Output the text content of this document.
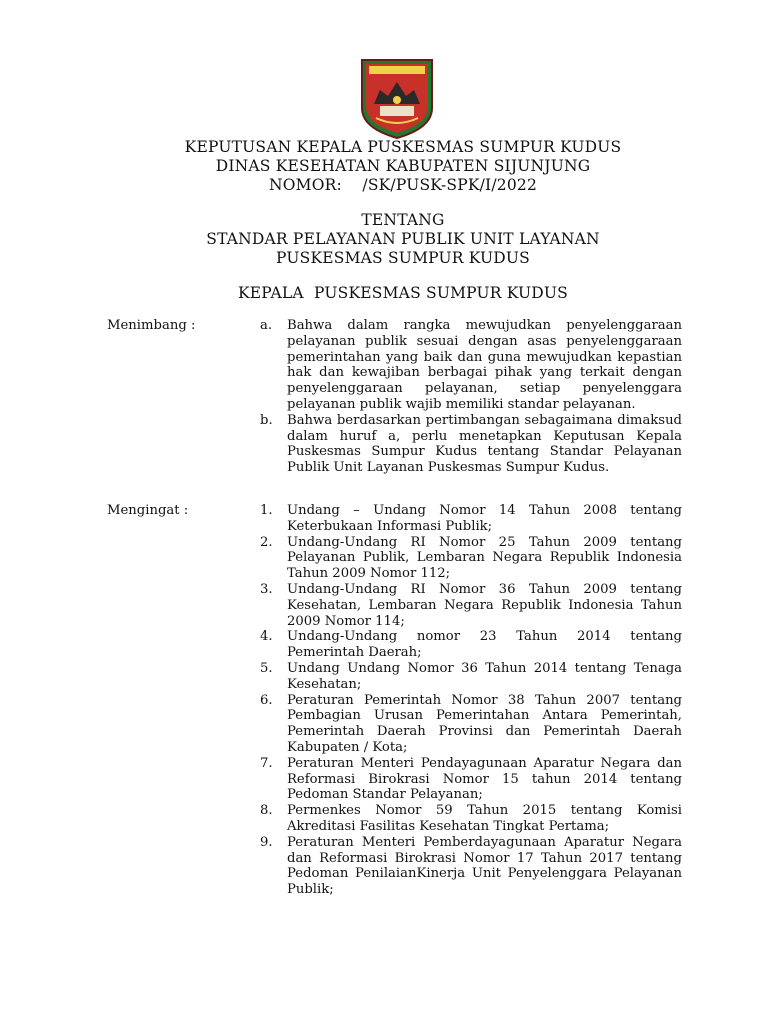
KEPUTUSAN KEPALA PUSKESMAS SUMPUR KUDUS
DINAS KESEHATAN KABUPATEN SIJUNJUNG
NOMOR:    /SK/PUSK-SPK/I/2022
TENTANG
STANDAR PELAYANAN PUBLIK UNIT LAYANAN
PUSKESMAS SUMPUR KUDUS
KEPALA  PUSKESMAS SUMPUR KUDUS
Menimbang :	a. Bahwa dalam rangka mewujudkan penyelenggaraan pelayanan publik sesuai dengan asas penyelenggaraan pemerintahan yang baik dan guna mewujudkan kepastian hak dan kewajiban berbagai pihak yang terkait dengan penyelenggaraan pelayanan, setiap penyelenggara pelayanan publik wajib memiliki standar pelayanan.
b. Bahwa berdasarkan pertimbangan sebagaimana dimaksud dalam huruf a, perlu menetapkan Keputusan Kepala Puskesmas Sumpur Kudus tentang Standar Pelayanan Publik Unit Layanan Puskesmas Sumpur Kudus.
Mengingat :	1. Undang – Undang Nomor 14 Tahun 2008 tentang Keterbukaan Informasi Publik;
2. Undang-Undang RI Nomor 25 Tahun 2009 tentang Pelayanan Publik, Lembaran Negara Republik Indonesia Tahun 2009 Nomor 112;
3. Undang-Undang RI Nomor 36 Tahun 2009 tentang Kesehatan, Lembaran Negara Republik Indonesia Tahun 2009 Nomor 114;
4. Undang-Undang nomor 23 Tahun 2014 tentang Pemerintah Daerah;
5. Undang Undang Nomor 36 Tahun 2014 tentang Tenaga Kesehatan;
6. Peraturan Pemerintah Nomor 38 Tahun 2007 tentang Pembagian Urusan Pemerintahan Antara Pemerintah, Pemerintah Daerah Provinsi dan Pemerintah Daerah Kabupaten / Kota;
7. Peraturan Menteri Pendayagunaan Aparatur Negara dan Reformasi Birokrasi Nomor 15 tahun 2014 tentang Pedoman Standar Pelayanan;
8. Permenkes Nomor 59 Tahun 2015 tentang Komisi Akreditasi Fasilitas Kesehatan Tingkat Pertama;
9. Peraturan Menteri Pemberdayagunaan Aparatur Negara dan Reformasi Birokrasi Nomor 17 Tahun 2017 tentang Pedoman PenilaianKinerja Unit Penyelenggara Pelayanan Publik;
